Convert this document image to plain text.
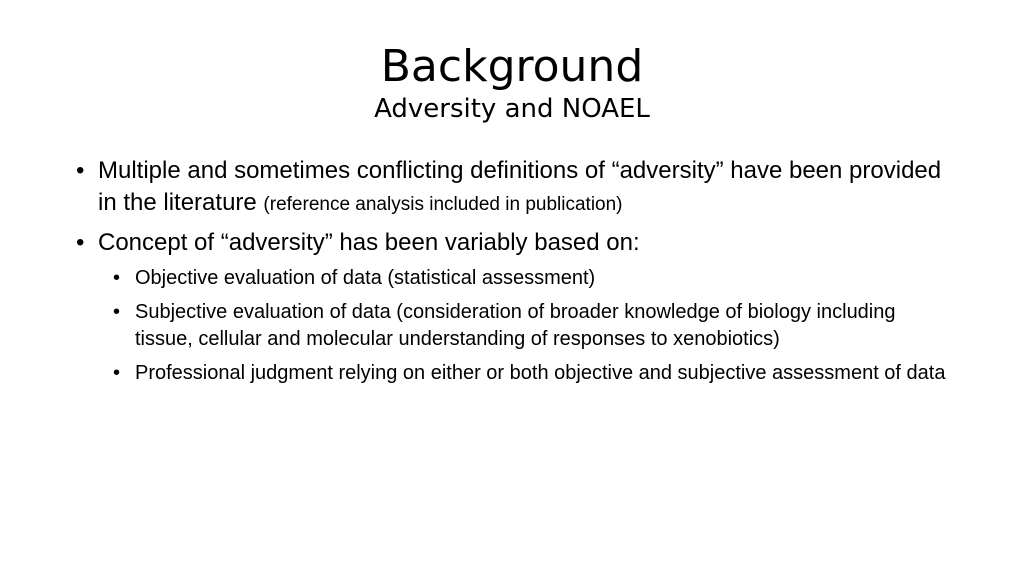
Background
Adversity and NOAEL
• Multiple and sometimes conflicting definitions of “adversity” have been provided in the literature (reference analysis included in publication)
• Concept of “adversity” has been variably based on:
• Objective evaluation of data (statistical assessment)
• Subjective evaluation of data (consideration of broader knowledge of biology including tissue, cellular and molecular understanding of responses to xenobiotics)
• Professional judgment relying on either or both objective and subjective assessment of data
